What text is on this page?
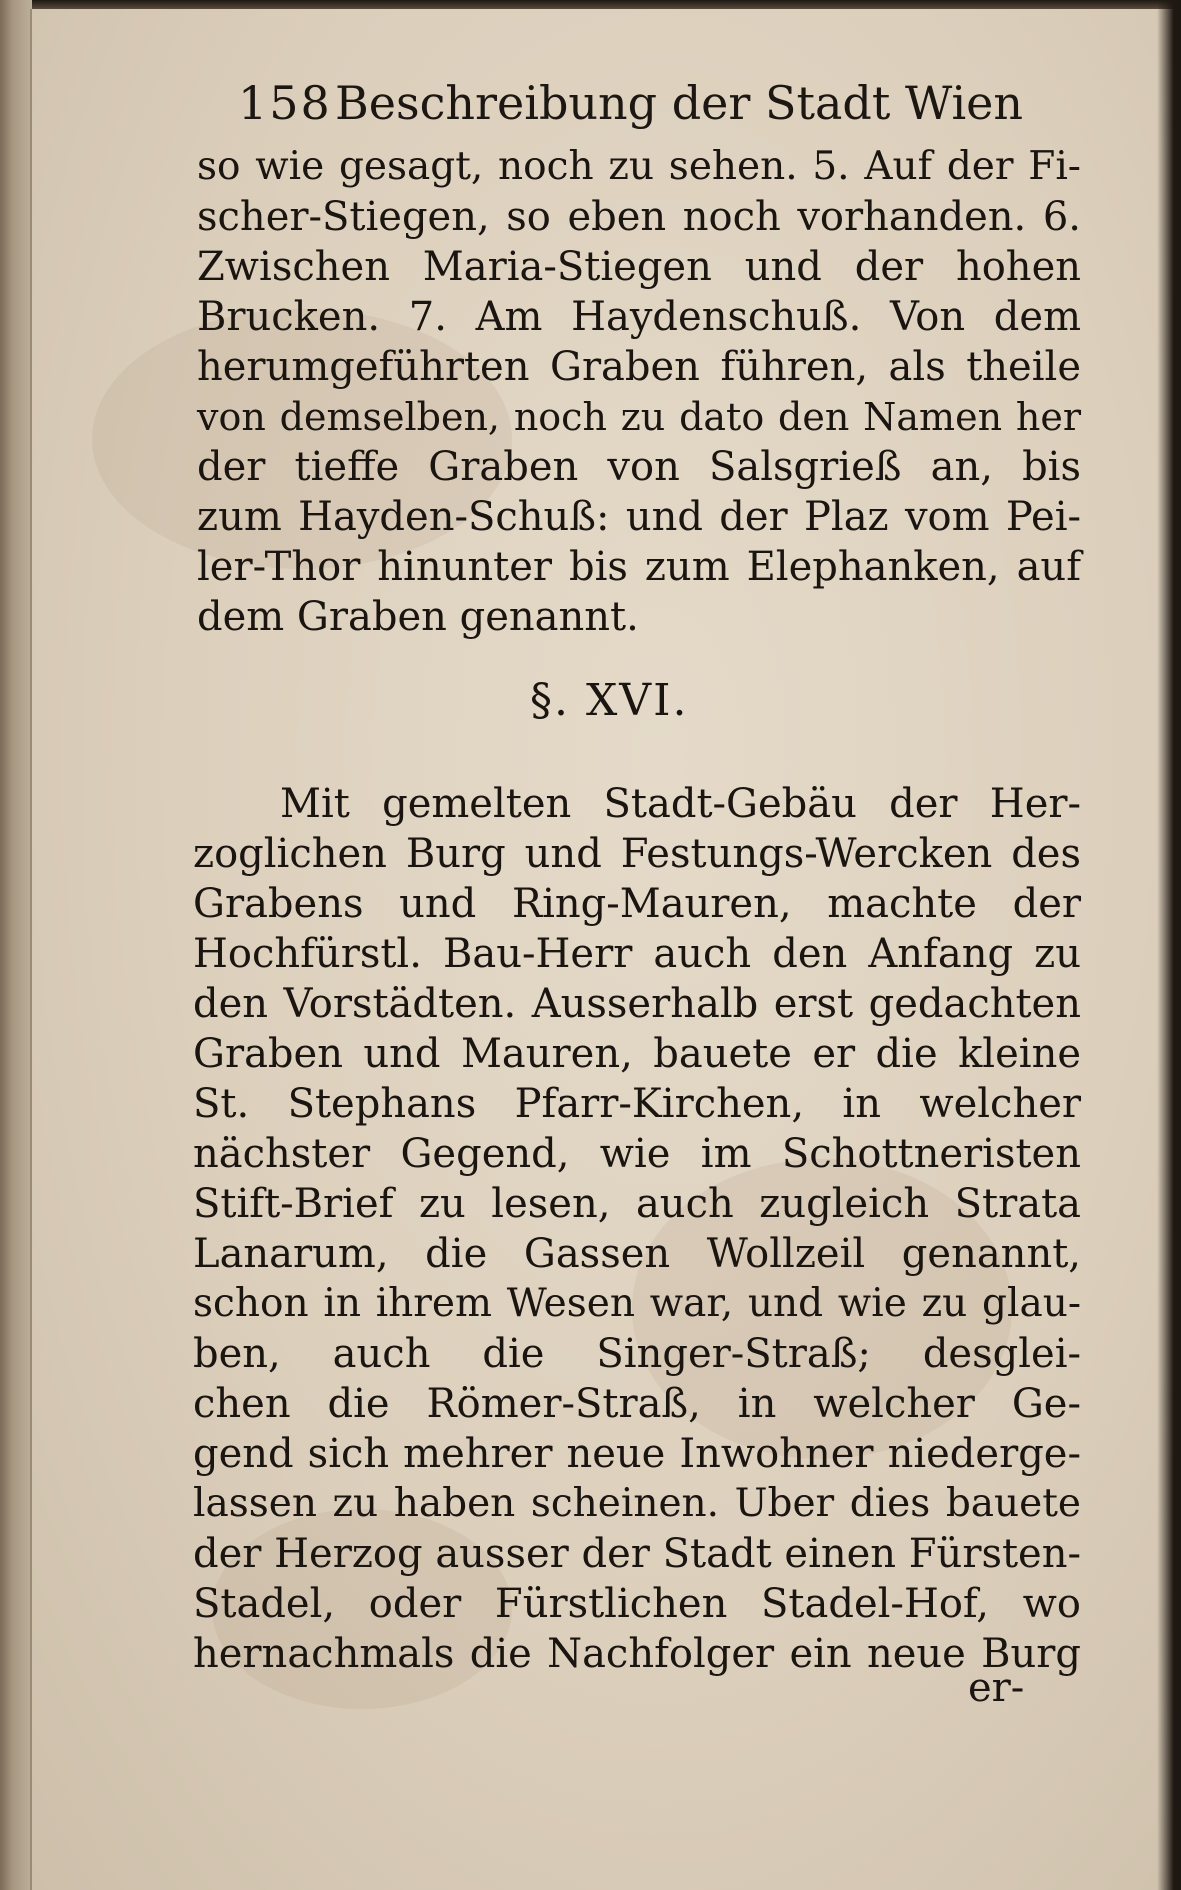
158 Beschreibung der Stadt Wien
so wie gesagt, noch zu sehen. 5. Auf der Fi-
scher-Stiegen, so eben noch vorhanden. 6.
Zwischen Maria-Stiegen und der hohen
Brucken. 7. Am Haydenschuß. Von dem
herumgeführten Graben führen, als theile
von demselben, noch zu dato den Namen her
der tieffe Graben von Salsgrieß an, bis
zum Hayden-Schuß: und der Plaz vom Pei-
ler-Thor hinunter bis zum Elephanken, auf
dem Graben genannt.
§. XVI.
Mit gemelten Stadt-Gebäu der Her-
zoglichen Burg und Festungs-Wercken des
Grabens und Ring-Mauren, machte der
Hochfürstl. Bau-Herr auch den Anfang zu
den Vorstädten. Ausserhalb erst gedachten
Graben und Mauren, bauete er die kleine
St. Stephans Pfarr-Kirchen, in welcher
nächster Gegend, wie im Schottneristen
Stift-Brief zu lesen, auch zugleich Strata
Lanarum, die Gassen Wollzeil genannt,
schon in ihrem Wesen war, und wie zu glau-
ben, auch die Singer-Straß; desglei-
chen die Römer-Straß, in welcher Ge-
gend sich mehrer neue Inwohner niederge-
lassen zu haben scheinen. Uber dies bauete
der Herzog ausser der Stadt einen Fürsten-
Stadel, oder Fürstlichen Stadel-Hof, wo
hernachmals die Nachfolger ein neue Burg
er-
